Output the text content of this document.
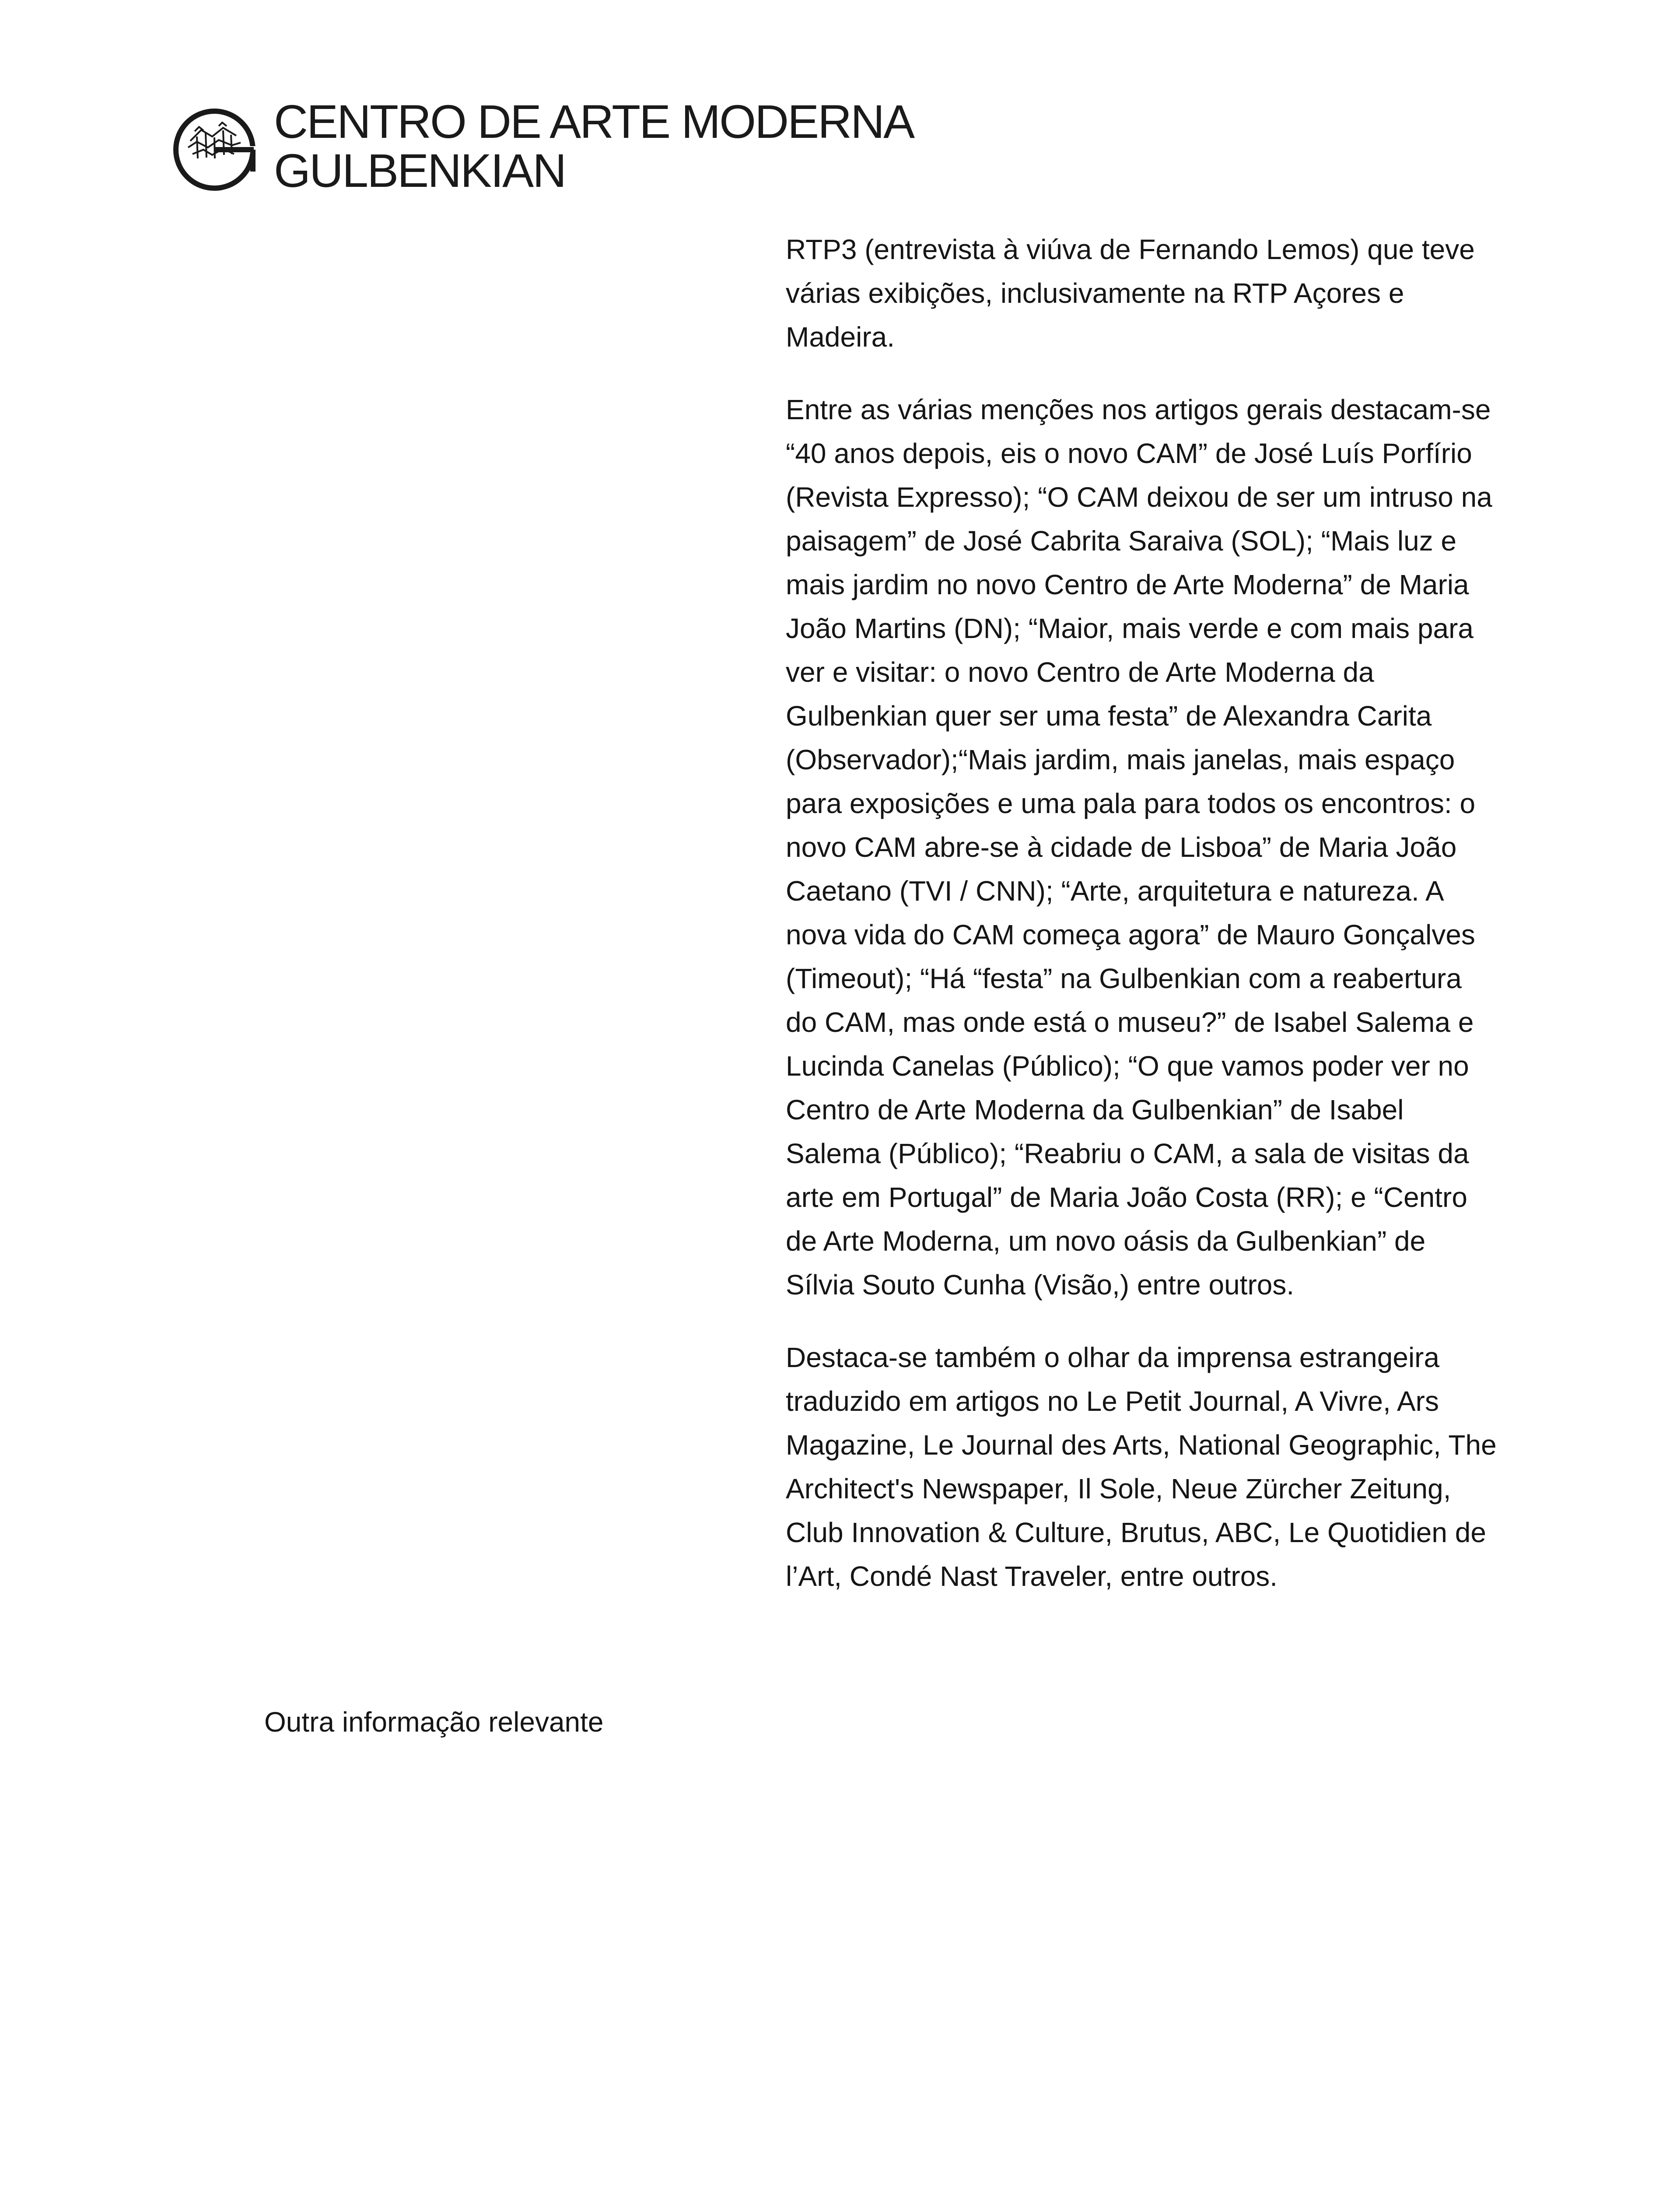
CENTRO DE ARTE MODERNA
GULBENKIAN

RTP3 (entrevista à viúva de Fernando Lemos) que teve várias exibições, inclusivamente na RTP Açores e Madeira.

Entre as várias menções nos artigos gerais destacam-se “40 anos depois, eis o novo CAM” de José Luís Porfírio (Revista Expresso); “O CAM deixou de ser um intruso na paisagem” de José Cabrita Saraiva (SOL); “Mais luz e mais jardim no novo Centro de Arte Moderna” de Maria João Martins (DN); “Maior, mais verde e com mais para ver e visitar: o novo Centro de Arte Moderna da Gulbenkian quer ser uma festa” de Alexandra Carita (Observador);“Mais jardim, mais janelas, mais espaço para exposições e uma pala para todos os encontros: o novo CAM abre-se à cidade de Lisboa” de Maria João Caetano (TVI / CNN); “Arte, arquitetura e natureza. A nova vida do CAM começa agora” de Mauro Gonçalves (Timeout); “Há “festa” na Gulbenkian com a reabertura do CAM, mas onde está o museu?” de Isabel Salema e Lucinda Canelas (Público); “O que vamos poder ver no Centro de Arte Moderna da Gulbenkian” de Isabel Salema (Público); “Reabriu o CAM, a sala de visitas da arte em Portugal” de Maria João Costa (RR); e “Centro de Arte Moderna, um novo oásis da Gulbenkian” de Sílvia Souto Cunha (Visão,) entre outros.

Destaca-se também o olhar da imprensa estrangeira traduzido em artigos no Le Petit Journal, A Vivre, Ars Magazine, Le Journal des Arts, National Geographic, The Architect's Newspaper, Il Sole, Neue Zürcher Zeitung, Club Innovation & Culture, Brutus, ABC, Le Quotidien de l’Art, Condé Nast Traveler, entre outros.

Outra informação relevante
